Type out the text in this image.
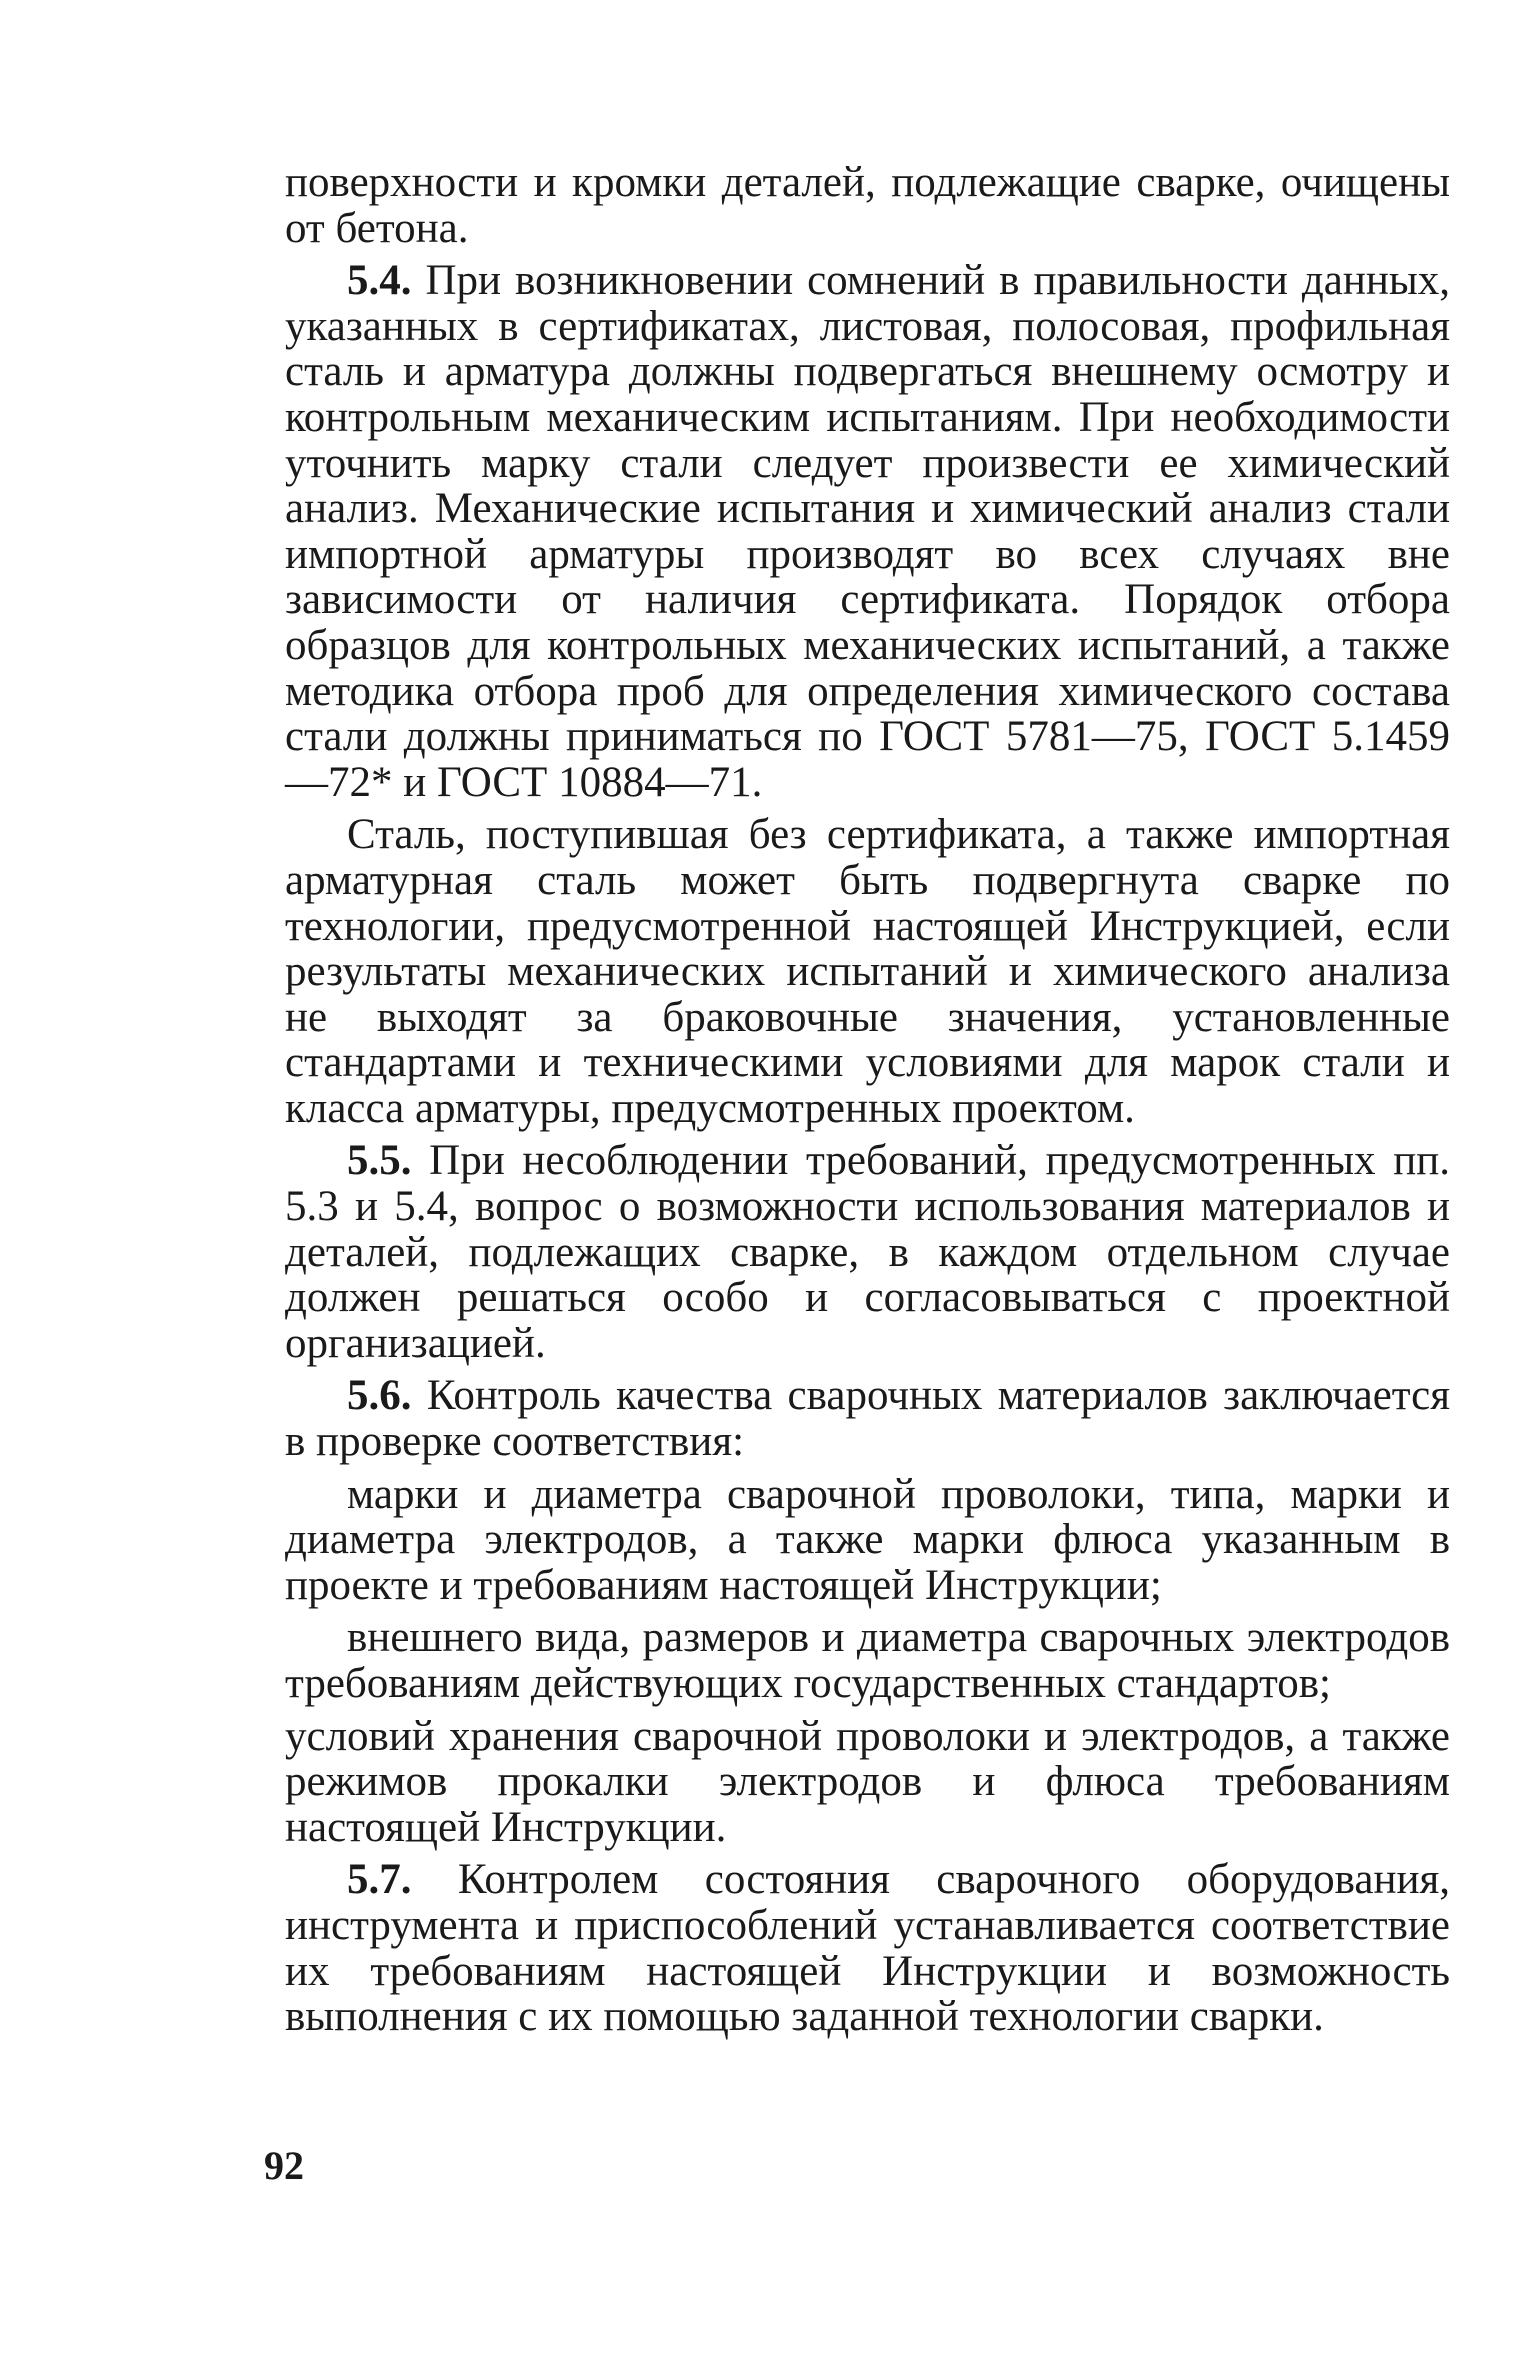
поверхности и кромки деталей, подлежащие сварке, очищены от бетона.

5.4. При возникновении сомнений в правильности данных, указанных в сертификатах, листовая, полосовая, профильная сталь и арматура должны подвергаться внешнему осмотру и контрольным механическим испытаниям. При необходимости уточнить марку стали следует произвести ее химический анализ. Механические испытания и химический анализ стали импортной арматуры производят во всех случаях вне зависимости от наличия сертификата. Порядок отбора образцов для контрольных механических испытаний, а также методика отбора проб для определения химического состава стали должны приниматься по ГОСТ 5781—75, ГОСТ 5.1459—72* и ГОСТ 10884—71.

Сталь, поступившая без сертификата, а также импортная арматурная сталь может быть подвергнута сварке по технологии, предусмотренной настоящей Инструкцией, если результаты механических испытаний и химического анализа не выходят за браковочные значения, установленные стандартами и техническими условиями для марок стали и класса арматуры, предусмотренных проектом.

5.5. При несоблюдении требований, предусмотренных пп. 5.3 и 5.4, вопрос о возможности использования материалов и деталей, подлежащих сварке, в каждом отдельном случае должен решаться особо и согласовываться с проектной организацией.

5.6. Контроль качества сварочных материалов заключается в проверке соответствия:

марки и диаметра сварочной проволоки, типа, марки и диаметра электродов, а также марки флюса указанным в проекте и требованиям настоящей Инструкции;

внешнего вида, размеров и диаметра сварочных электродов требованиям действующих государственных стандартов;

условий хранения сварочной проволоки и электродов, а также режимов прокалки электродов и флюса требованиям настоящей Инструкции.

5.7. Контролем состояния сварочного оборудования, инструмента и приспособлений устанавливается соответствие их требованиям настоящей Инструкции и возможность выполнения с их помощью заданной технологии сварки.

92
